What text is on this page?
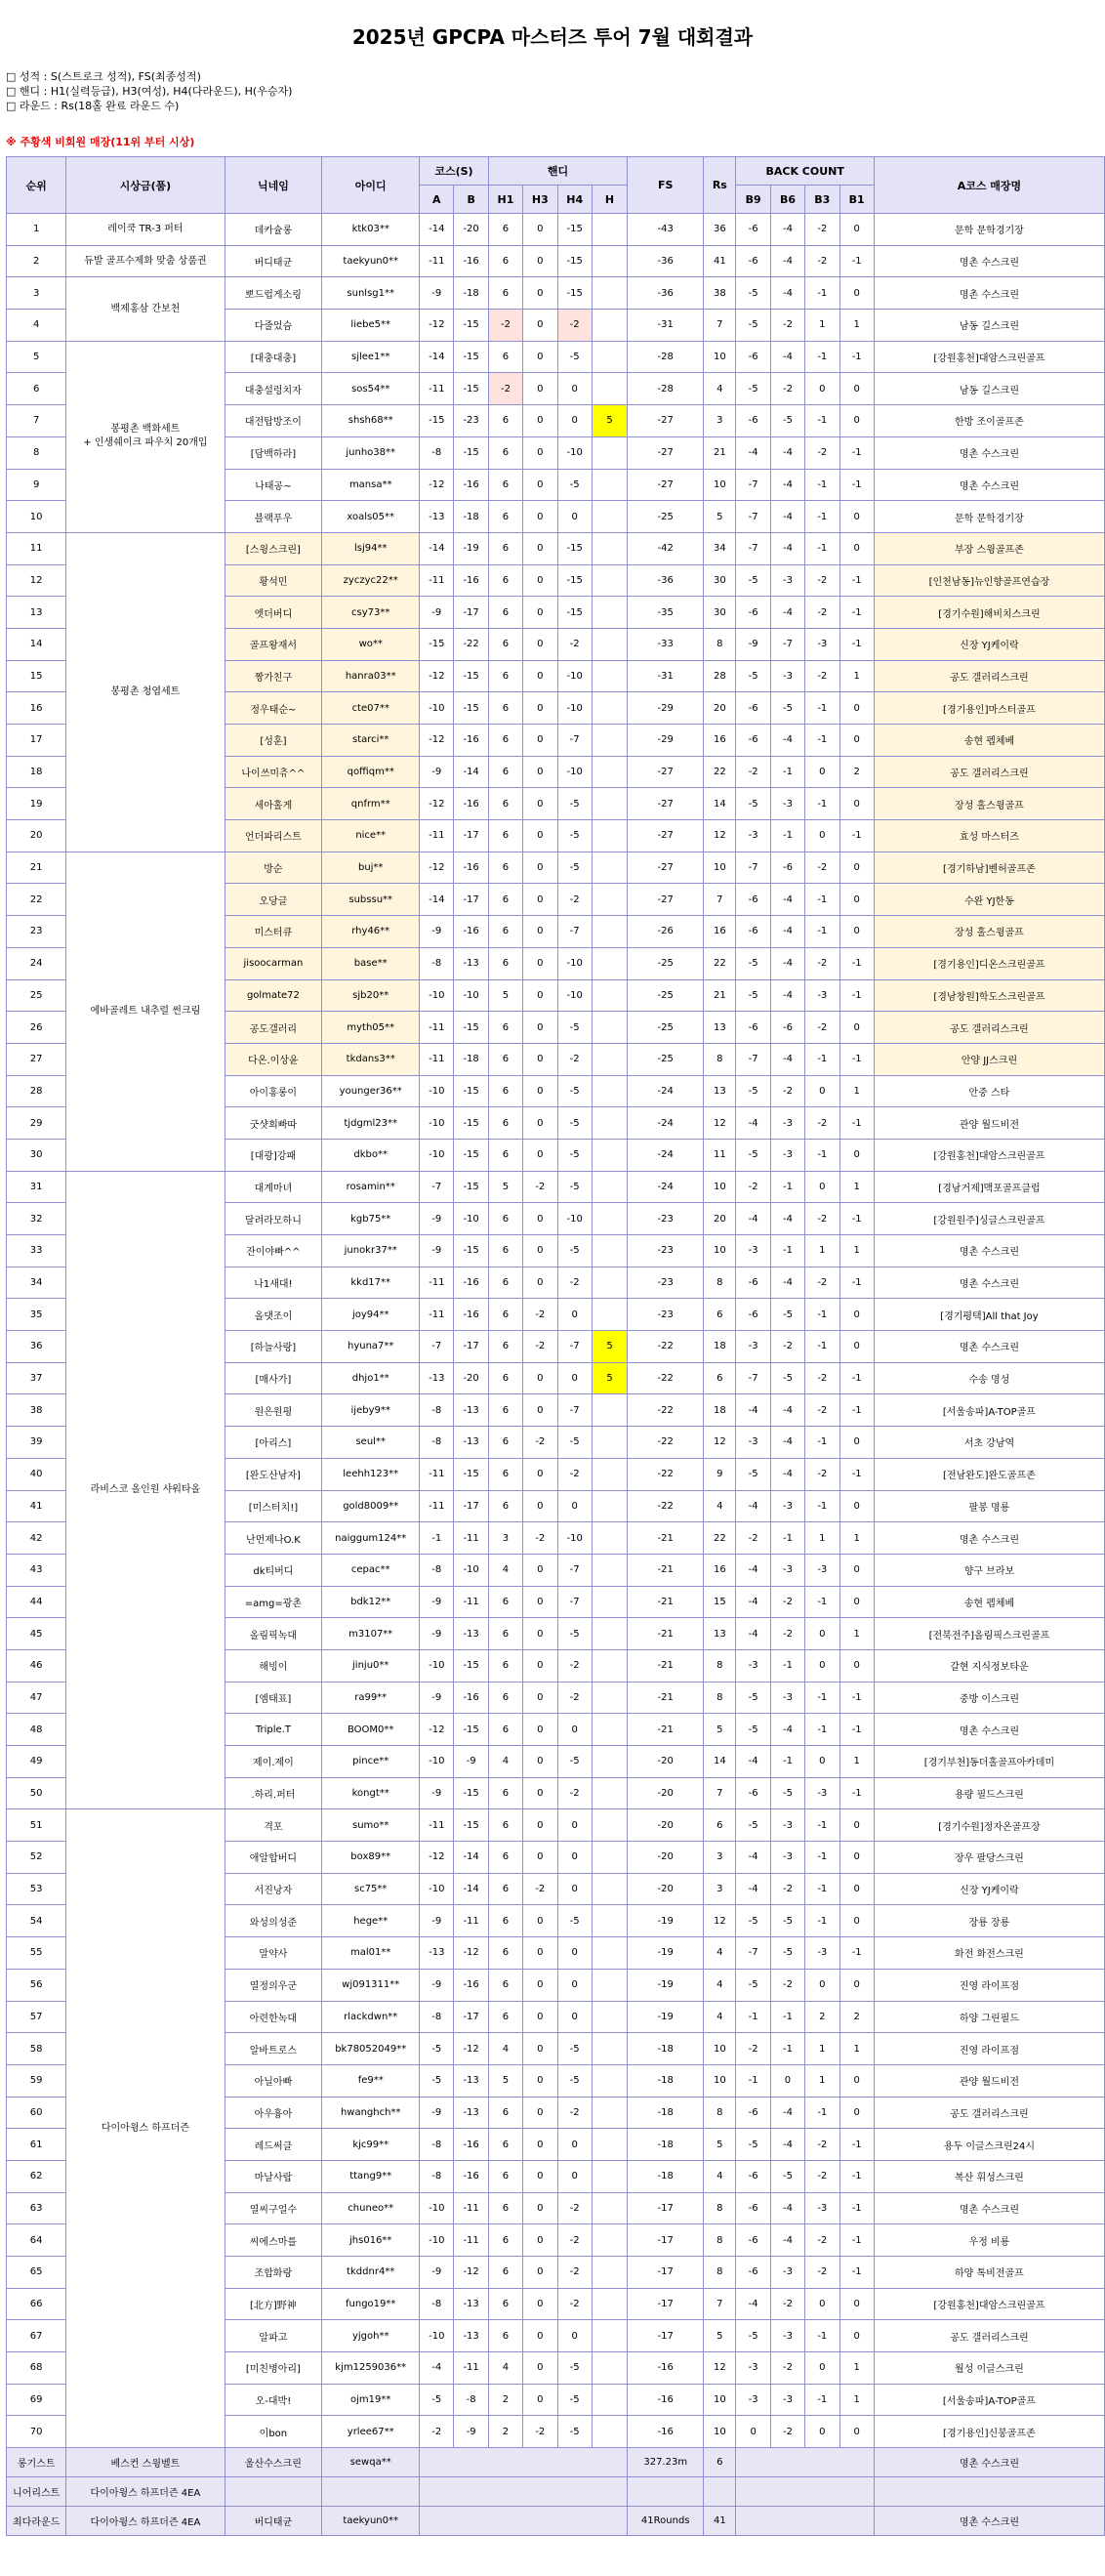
2025년 GPCPA 마스터즈 투어 7월 대회결과
□ 성적 : S(스트로크 성적), FS(최종성적)
□ 핸디 : H1(실력등급), H3(여성), H4(다라운드), H(우승자)
□ 라운드 : Rs(18홀 완료 라운드 수)
※ 주황색 비회원 매장(11위 부터 시상)
순위	시상금(품)	닉네임	아이디	코스(S)		핸디				FS	Rs	BACK COUNT				A코스 매장명
				A	B	H1	H3	H4	H			B9	B6	B3	B1	
1	레이쿡 TR-3 퍼터	데카슐롱	ktk03**	-14	-20	6	0	-15		-43	36	-6	-4	-2	0	문학 문학경기장
2	듀발 골프수제화 맞춤 상품권	버디태균	taekyun0**	-11	-16	6	0	-15		-36	41	-6	-4	-2	-1	명촌 수스크린
3	백제홍삼 간보천	뽀드럽게소링	sunlsg1**	-9	-18	6	0	-15		-36	38	-5	-4	-1	0	명촌 수스크린
4		다줄었슴	liebe5**	-12	-15	-2	0	-2		-31	7	-5	-2	1	1	남동 길스크린
5	봉평촌 백화세트
+ 인생쉐이크 파우치 20개입	[대충대충]	sjlee1**	-14	-15	6	0	-5		-28	10	-6	-4	-1	-1	[강원홍천]대암스크린골프
6		대충설렁치자	sos54**	-11	-15	-2	0	0		-28	4	-5	-2	0	0	남동 길스크린
7		대전탑방조이	shsh68**	-15	-23	6	0	0	5	-27	3	-6	-5	-1	0	한방 조이골프존
8		[담백하라]	junho38**	-8	-15	6	0	-10		-27	21	-4	-4	-2	-1	명촌 수스크린
9		나태공~	mansa**	-12	-16	6	0	-5		-27	10	-7	-4	-1	-1	명촌 수스크린
10		블랙푸우	xoals05**	-13	-18	6	0	0		-25	5	-7	-4	-1	0	문학 문학경기장
11	봉평촌 청엽세트	[스윙스크린]	lsj94**	-14	-19	6	0	-15		-42	34	-7	-4	-1	0	부장 스윙골프존
12		황석민	zyczyc22**	-11	-16	6	0	-15		-36	30	-5	-3	-2	-1	[인천남동]뉴인향골프연습장
13		엣더버디	csy73**	-9	-17	6	0	-15		-35	30	-6	-4	-2	-1	[경기수원]해비치스크린
14		골프왕재서	wo**	-15	-22	6	0	-2		-33	8	-9	-7	-3	-1	신장 YJ케이락
15		짱가친구	hanra03**	-12	-15	6	0	-10		-31	28	-5	-3	-2	1	공도 갤러리스크린
16		정우태순~	cte07**	-10	-15	6	0	-10		-29	20	-6	-5	-1	0	[경기용인]마스터골프
17		[성훈]	starci**	-12	-16	6	0	-7		-29	16	-6	-4	-1	0	송현 펩체베
18		나이쓰미츄^^	qoffiqm**	-9	-14	6	0	-10		-27	22	-2	-1	0	2	공도 갤러리스크린
19		세아홀게	qnfrm**	-12	-16	6	0	-5		-27	14	-5	-3	-1	0	장성 홀스윙골프
20		언더파리스트	nice**	-11	-17	6	0	-5		-27	12	-3	-1	0	-1	효성 마스터즈
21	에바골레트 내추럴 썬크림	방순	buj**	-12	-16	6	0	-5		-27	10	-7	-6	-2	0	[경기하남]벤허골프존
22		오당글	subssu**	-14	-17	6	0	-2		-27	7	-6	-4	-1	0	수완 YJ한동
23		미스터큐	rhy46**	-9	-16	6	0	-7		-26	16	-6	-4	-1	0	장성 홀스윙골프
24		jisoocarman	base**	-8	-13	6	0	-10		-25	22	-5	-4	-2	-1	[경기용인]디온스크린골프
25		golmate72	sjb20**	-10	-10	5	0	-10		-25	21	-5	-4	-3	-1	[경남창원]학도스크린골프
26		공도갤러리	myth05**	-11	-15	6	0	-5		-25	13	-6	-6	-2	0	공도 갤러리스크린
27		다온.이상윤	tkdans3**	-11	-18	6	0	-2		-25	8	-7	-4	-1	-1	안양 JJ스크린
28		아이홍롱이	younger36**	-10	-15	6	0	-5		-24	13	-5	-2	0	1	안중 스타
29		굿샷회빠따	tjdgml23**	-10	-15	6	0	-5		-24	12	-4	-3	-2	-1	관양 월드비전
30		[대광]강패	dkbo**	-10	-15	6	0	-5		-24	11	-5	-3	-1	0	[강원홍천]대암스크린골프
31	라비스코 올인원 샤워타올	대계마녀	rosamin**	-7	-15	5	-2	-5		-24	10	-2	-1	0	1	[경남거제]맥포골프클럽
32		달려라모하니	kgb75**	-9	-10	6	0	-10		-23	20	-4	-4	-2	-1	[강원원주]싱글스크린골프
33		잔이야빠^^	junokr37**	-9	-15	6	0	-5		-23	10	-3	-1	1	1	명촌 수스크린
34		나1새대!	kkd17**	-11	-16	6	0	-2		-23	8	-6	-4	-2	-1	명촌 수스크린
35		올댓조이	joy94**	-11	-16	6	-2	0		-23	6	-6	-5	-1	0	[경기평택]All that Joy
36		[하늘사랑]	hyuna7**	-7	-17	6	-2	-7	5	-22	18	-3	-2	-1	0	명촌 수스크린
37		[매사가]	dhjo1**	-13	-20	6	0	0	5	-22	6	-7	-5	-2	-1	수송 명성
38		원은원평	ijeby9**	-8	-13	6	0	-7		-22	18	-4	-4	-2	-1	[서울송파]A-TOP골프
39		[아리스]	seul**	-8	-13	6	-2	-5		-22	12	-3	-4	-1	0	서초 강남역
40		[완도산남자]	leehh123**	-11	-15	6	0	-2		-22	9	-5	-4	-2	-1	[전남완도]완도골프존
41		[미스터치!]	gold8009**	-11	-17	6	0	0		-22	4	-4	-3	-1	0	팔봉 명룡
42		난먼제나O.K	naiggum124**	-1	-11	3	-2	-10		-21	22	-2	-1	1	1	명촌 수스크린
43		dk티버디	cepac**	-8	-10	4	0	-7		-21	16	-4	-3	-3	0	향구 브라보
44		=amg=광촌	bdk12**	-9	-11	6	0	-7		-21	15	-4	-2	-1	0	송현 펩체베
45		올림픽녹대	m3107**	-9	-13	6	0	-5		-21	13	-4	-2	0	1	[전북전주]올림픽스크린골프
46		해빙이	jinju0**	-10	-15	6	0	-2		-21	8	-3	-1	0	0	갈현 지식정보타운
47		[엠태표]	ra99**	-9	-16	6	0	-2		-21	8	-5	-3	-1	-1	중방 이스크린
48		Triple.T	BOOM0**	-12	-15	6	0	0		-21	5	-5	-4	-1	-1	명촌 수스크린
49		제이.제이	pince**	-10	-9	4	0	-5		-20	14	-4	-1	0	1	[경기부천]동더홀골프아카데미
50		.하리.퍼터	kongt**	-9	-15	6	0	-2		-20	7	-6	-5	-3	-1	용량 필드스크린
51	다이아윙스 하프더즌	격포	sumo**	-11	-15	6	0	0		-20	6	-5	-3	-1	0	[경기수원]정자온골프장
52		애알합버디	box89**	-12	-14	6	0	0		-20	3	-4	-3	-1	0	장우 팔당스크린
53		서진낭자	sc75**	-10	-14	6	-2	0		-20	3	-4	-2	-1	0	신장 YJ케이락
54		와성의성준	hege**	-9	-11	6	0	-5		-19	12	-5	-5	-1	0	장룡 장룡
55		말약사	mal01**	-13	-12	6	0	0		-19	4	-7	-5	-3	-1	화전 화전스크린
56		열정의우군	wj091311**	-9	-16	6	0	0		-19	4	-5	-2	0	0	진영 라이프점
57		아련한녹대	rlackdwn**	-8	-17	6	0	0		-19	4	-1	-1	2	2	하양 그린필드
58		알바트로스	bk78052049**	-5	-12	4	0	-5		-18	10	-2	-1	1	1	진영 라이프점
59		아닐아빠	fe9**	-5	-13	5	0	-5		-18	10	-1	0	1	0	관양 월드비전
60		아우흉아	hwanghch**	-9	-13	6	0	-2		-18	8	-6	-4	-1	0	공도 갤러리스크린
61		레드써클	kjc99**	-8	-16	6	0	0		-18	5	-5	-4	-2	-1	용두 이글스크린24시
62		마날사랍	ttang9**	-8	-16	6	0	0		-18	4	-6	-5	-2	-1	복산 휘성스크린
63		열씨구얼수	chuneo**	-10	-11	6	0	-2		-17	8	-6	-4	-3	-1	명촌 수스크린
64		씨에스마를	jhs016**	-10	-11	6	0	-2		-17	8	-6	-4	-2	-1	우정 비룡
65		조합화랑	tkddnr4**	-9	-12	6	0	-2		-17	8	-6	-3	-2	-1	하양 톡비전골프
66		[北方]野神	fungo19**	-8	-13	6	0	-2		-17	7	-4	-2	0	0	[강원홍천]대암스크린골프
67		알파고	yjgoh**	-10	-13	6	0	0		-17	5	-5	-3	-1	0	공도 갤러리스크린
68		[미친병아리]	kjm1259036**	-4	-11	4	0	-5		-16	12	-3	-2	0	1	월성 이글스크린
69		오-대박!	ojm19**	-5	-8	2	0	-5		-16	10	-3	-3	-1	1	[서울송파]A-TOP골프
70		이bon	yrlee67**	-2	-9	2	-2	-5		-16	10	0	-2	0	0	[경기용인]신봉골프존
롱기스트	베스컨 스윙벨트	울산수스크린	sewqa**							327.23m	6					명촌 수스크린
니어리스트	다이아윙스 하프더즌 4EA															
최다라운드	다이아윙스 하프더즌 4EA	버디태균	taekyun0**							41Rounds	41					명촌 수스크린
